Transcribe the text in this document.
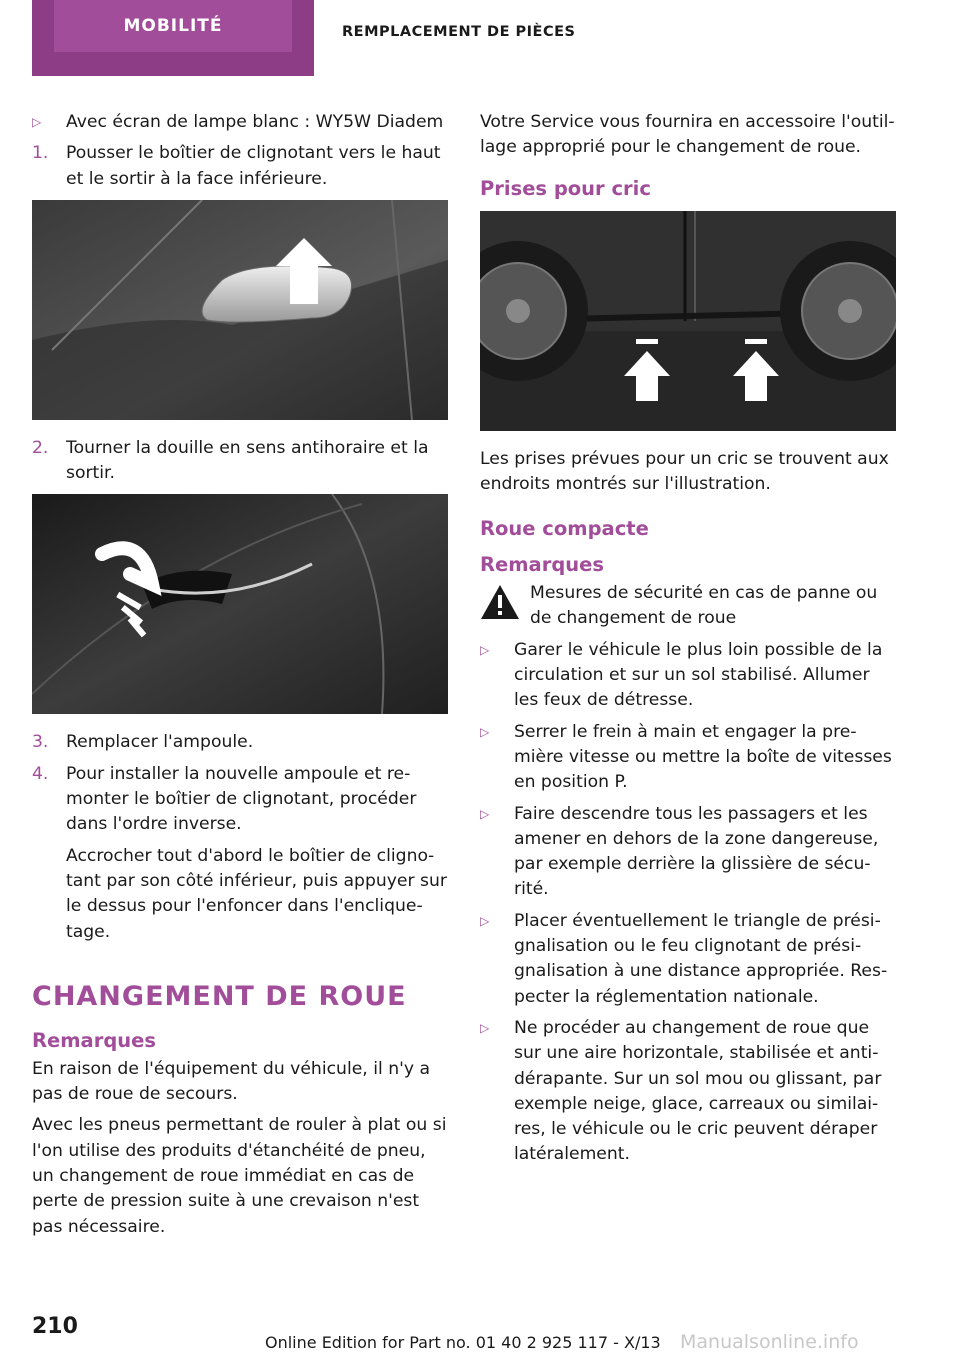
MOBILITÉ	REMPLACEMENT DE PIÈCES
▷ Avec écran de lampe blanc : WY5W Diadem
1. Pousser le boîtier de clignotant vers le haut et le sortir à la face inférieure.
2. Tourner la douille en sens antihoraire et la sortir.
3. Remplacer l'ampoule.
4. Pour installer la nouvelle ampoule et re‐monter le boîtier de clignotant, procéder dans l'ordre inverse.
Accrocher tout d'abord le boîtier de cligno‐tant par son côté inférieur, puis appuyer sur le dessus pour l'enfoncer dans l'enclique‐tage.
CHANGEMENT DE ROUE
Remarques

En raison de l'équipement du véhicule, il n'y a pas de roue de secours.

Avec les pneus permettant de rouler à plat ou si l'on utilise des produits d'étanchéité de pneu, un changement de roue immédiat en cas de perte de pression suite à une crevaison n'est pas nécessaire.

Votre Service vous fournira en accessoire l'outil‐lage approprié pour le changement de roue.

Prises pour cric

Les prises prévues pour un cric se trouvent aux endroits montrés sur l'illustration.

Roue compacte
Remarques
Mesures de sécurité en cas de panne ou de changement de roue
▷ Garer le véhicule le plus loin possible de la circulation et sur un sol stabilisé. Allumer les feux de détresse.
▷ Serrer le frein à main et engager la pre‐mière vitesse ou mettre la boîte de vitesses en position P.
▷ Faire descendre tous les passagers et les amener en dehors de la zone dangereuse, par exemple derrière la glissière de sécu‐rité.
▷ Placer éventuellement le triangle de prési‐gnalisation ou le feu clignotant de prési‐gnalisation à une distance appropriée. Res‐pecter la réglementation nationale.
▷ Ne procéder au changement de roue que sur une aire horizontale, stabilisée et anti‐dérapante. Sur un sol mou ou glissant, par exemple neige, glace, carreaux ou similai‐res, le véhicule ou le cric peuvent déraper latéralement.
210
Online Edition for Part no. 01 40 2 925 117 - X/13 Manualsonline.info
